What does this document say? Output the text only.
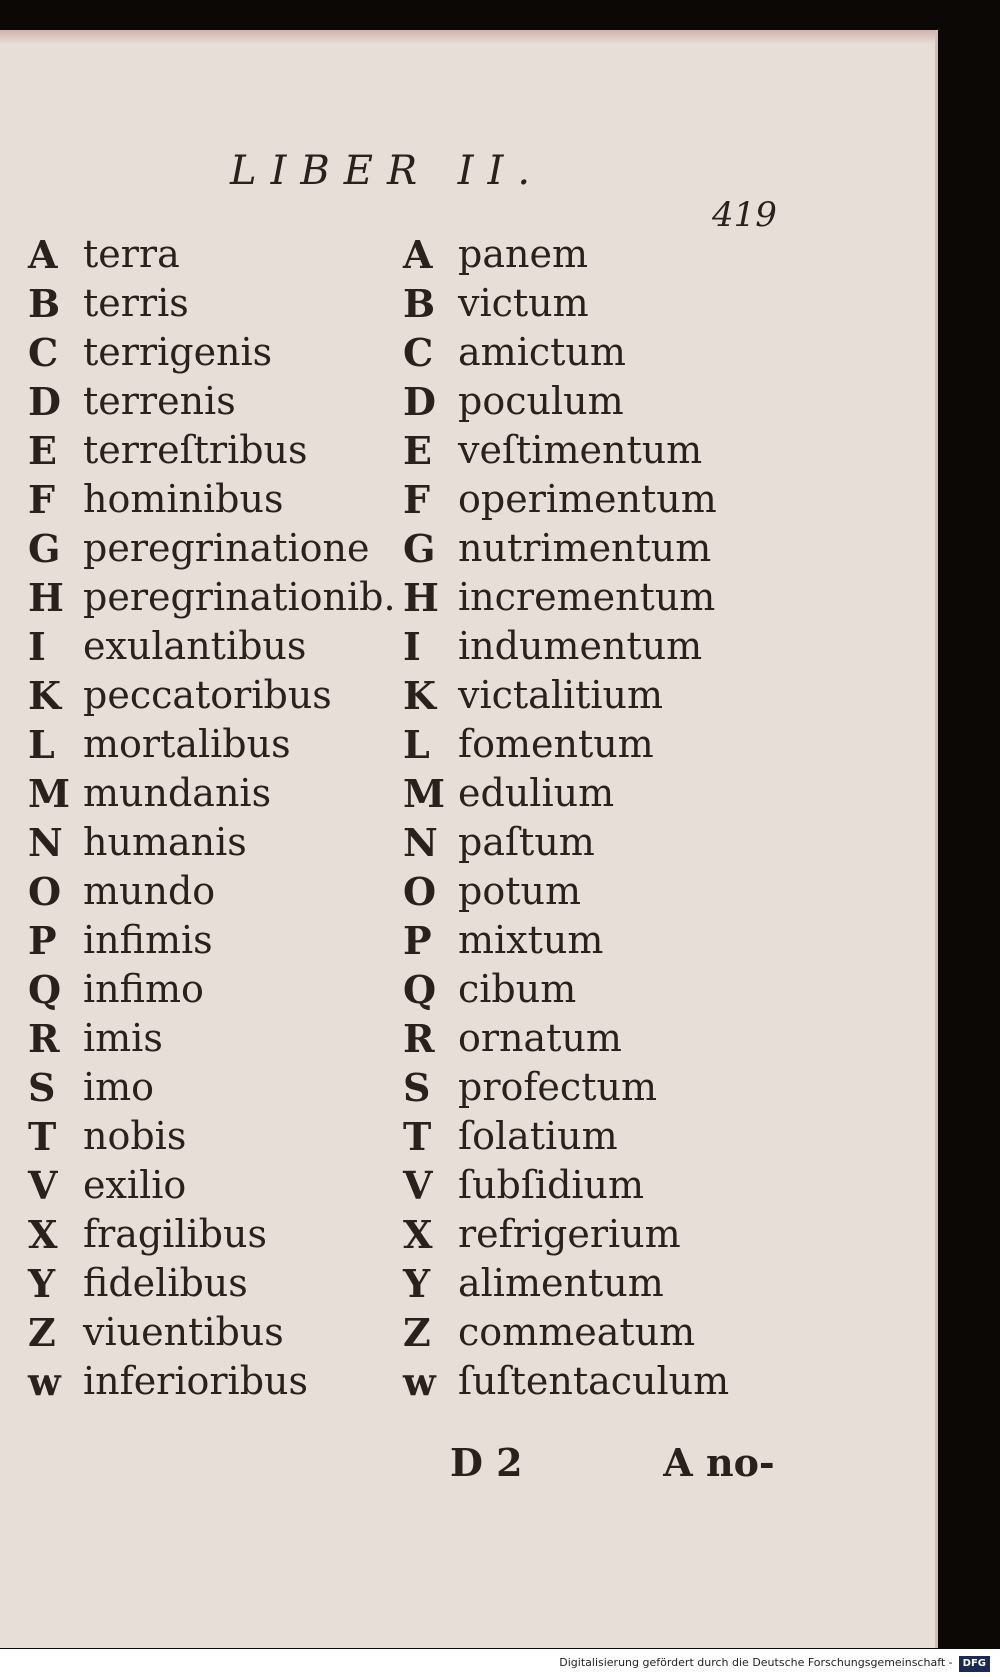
LIBER II.
419
A terra
B terris
C terrigenis
D terrenis
E terreſtribus
F hominibus
G peregrinatione
H peregrinationib.
I exulantibus
K peccatoribus
L mortalibus
M mundanis
N humanis
O mundo
P infimis
Q infimo
R imis
S imo
T nobis
V exilio
X fragilibus
Y fidelibus
Z viuentibus
w inferioribus
A panem
B victum
C amictum
D poculum
E veſtimentum
F operimentum
G nutrimentum
H incrementum
I indumentum
K victalitium
L fomentum
M edulium
N paſtum
O potum
P mixtum
Q cibum
R ornatum
S profectum
T ſolatium
V ſubſidium
X refrigerium
Y alimentum
Z commeatum
w ſuſtentaculum
D 2	A no-
Digitalisierung gefördert durch die Deutsche Forschungsgemeinschaft - DFG
